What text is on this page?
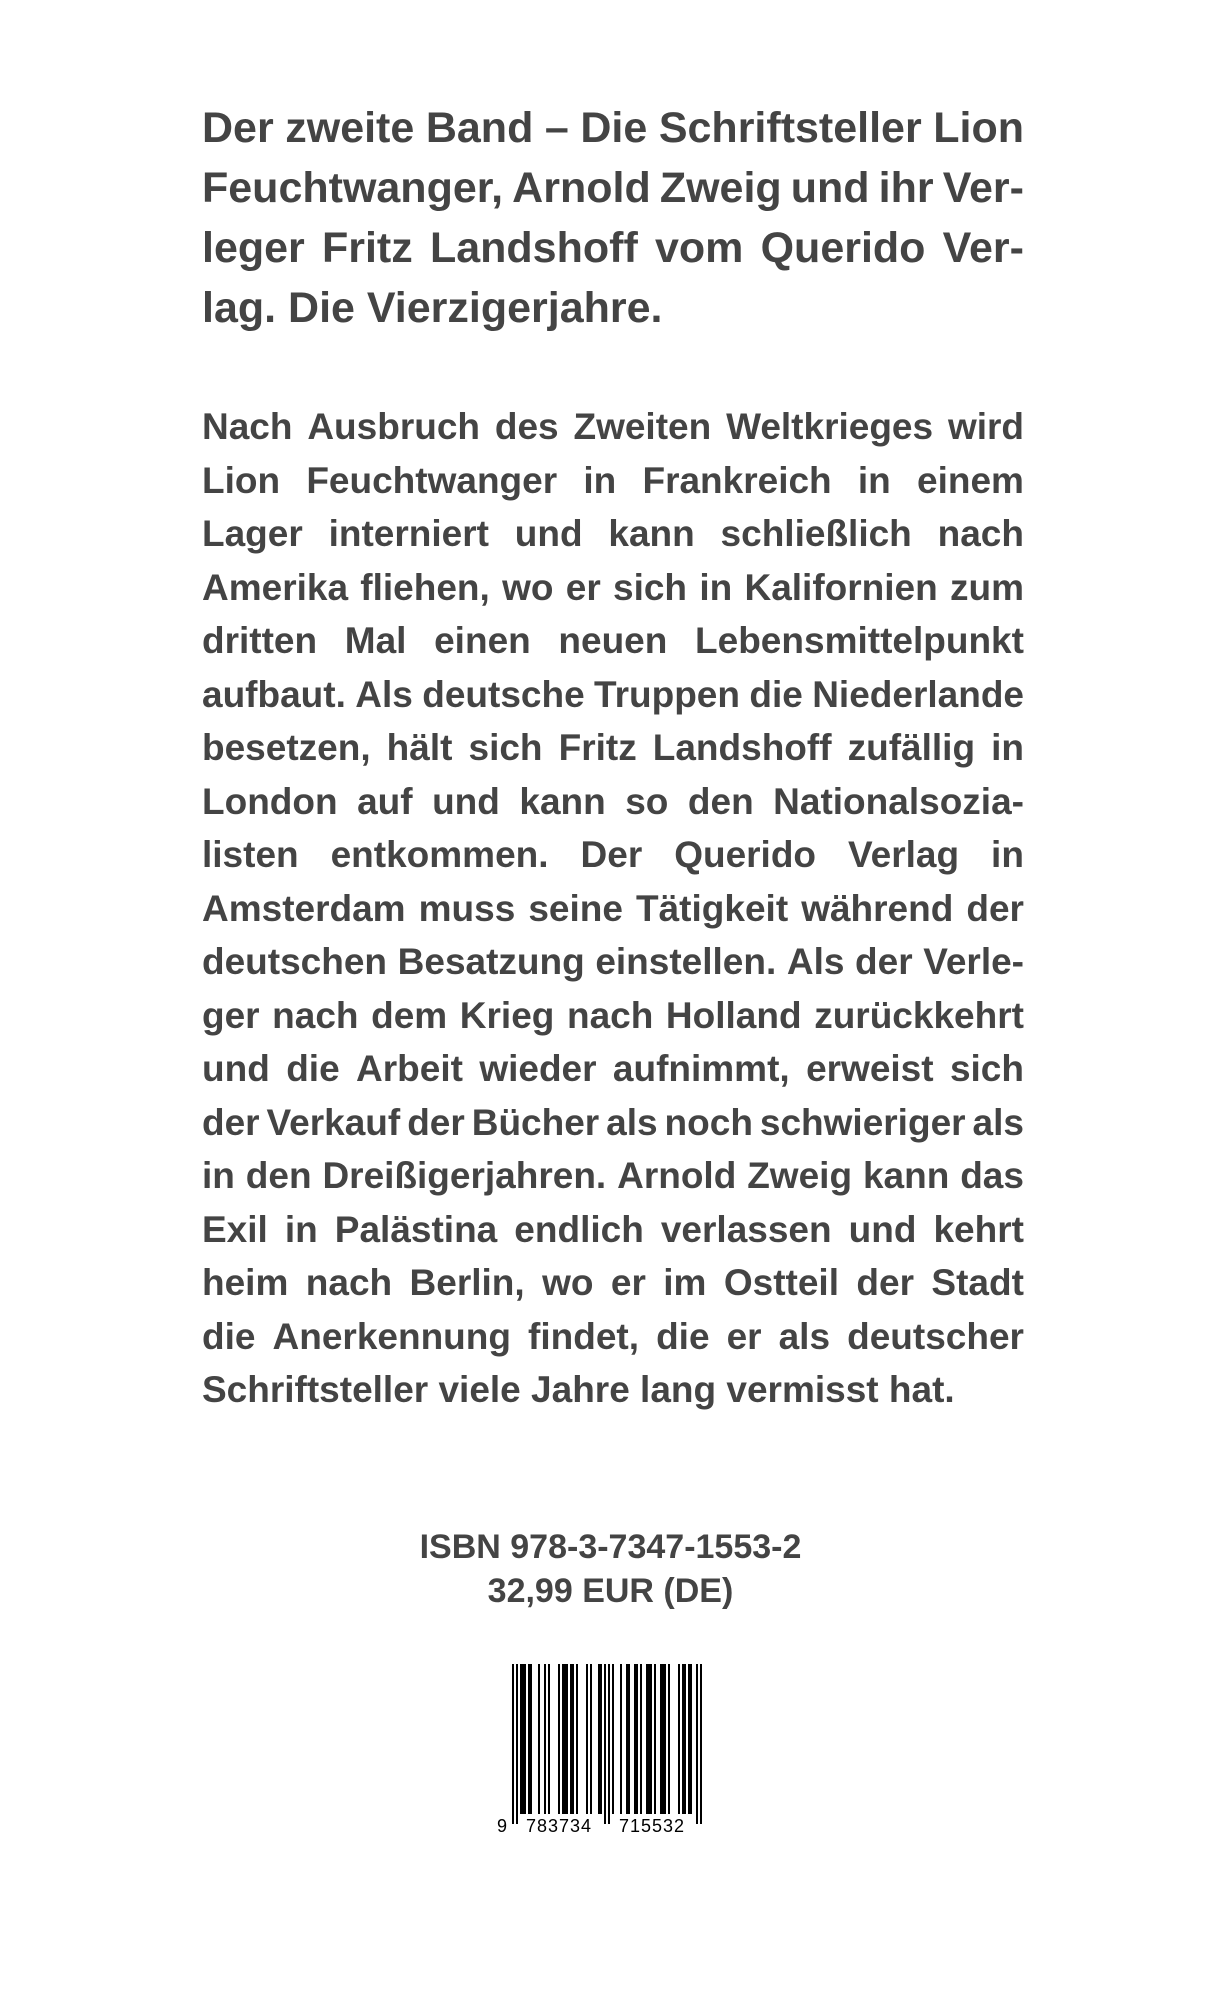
Der zweite Band – Die Schriftsteller Lion
Feuchtwanger, Arnold Zweig und ihr Ver-
leger Fritz Landshoff vom Querido Ver-
lag. Die Vierzigerjahre.
Nach Ausbruch des Zweiten Weltkrieges wird
Lion Feuchtwanger in Frankreich in einem
Lager interniert und kann schließlich nach
Amerika fliehen, wo er sich in Kalifornien zum
dritten Mal einen neuen Lebensmittelpunkt
aufbaut. Als deutsche Truppen die Niederlande
besetzen, hält sich Fritz Landshoff zufällig in
London auf und kann so den Nationalsozia-
listen entkommen. Der Querido Verlag in
Amsterdam muss seine Tätigkeit während der
deutschen Besatzung einstellen. Als der Verle-
ger nach dem Krieg nach Holland zurückkehrt
und die Arbeit wieder aufnimmt, erweist sich
der Verkauf der Bücher als noch schwieriger als
in den Dreißigerjahren. Arnold Zweig kann das
Exil in Palästina endlich verlassen und kehrt
heim nach Berlin, wo er im Ostteil der Stadt
die Anerkennung findet, die er als deutscher
Schriftsteller viele Jahre lang vermisst hat.
ISBN 978-3-7347-1553-2
32,99 EUR (DE)
9 783734 715532
